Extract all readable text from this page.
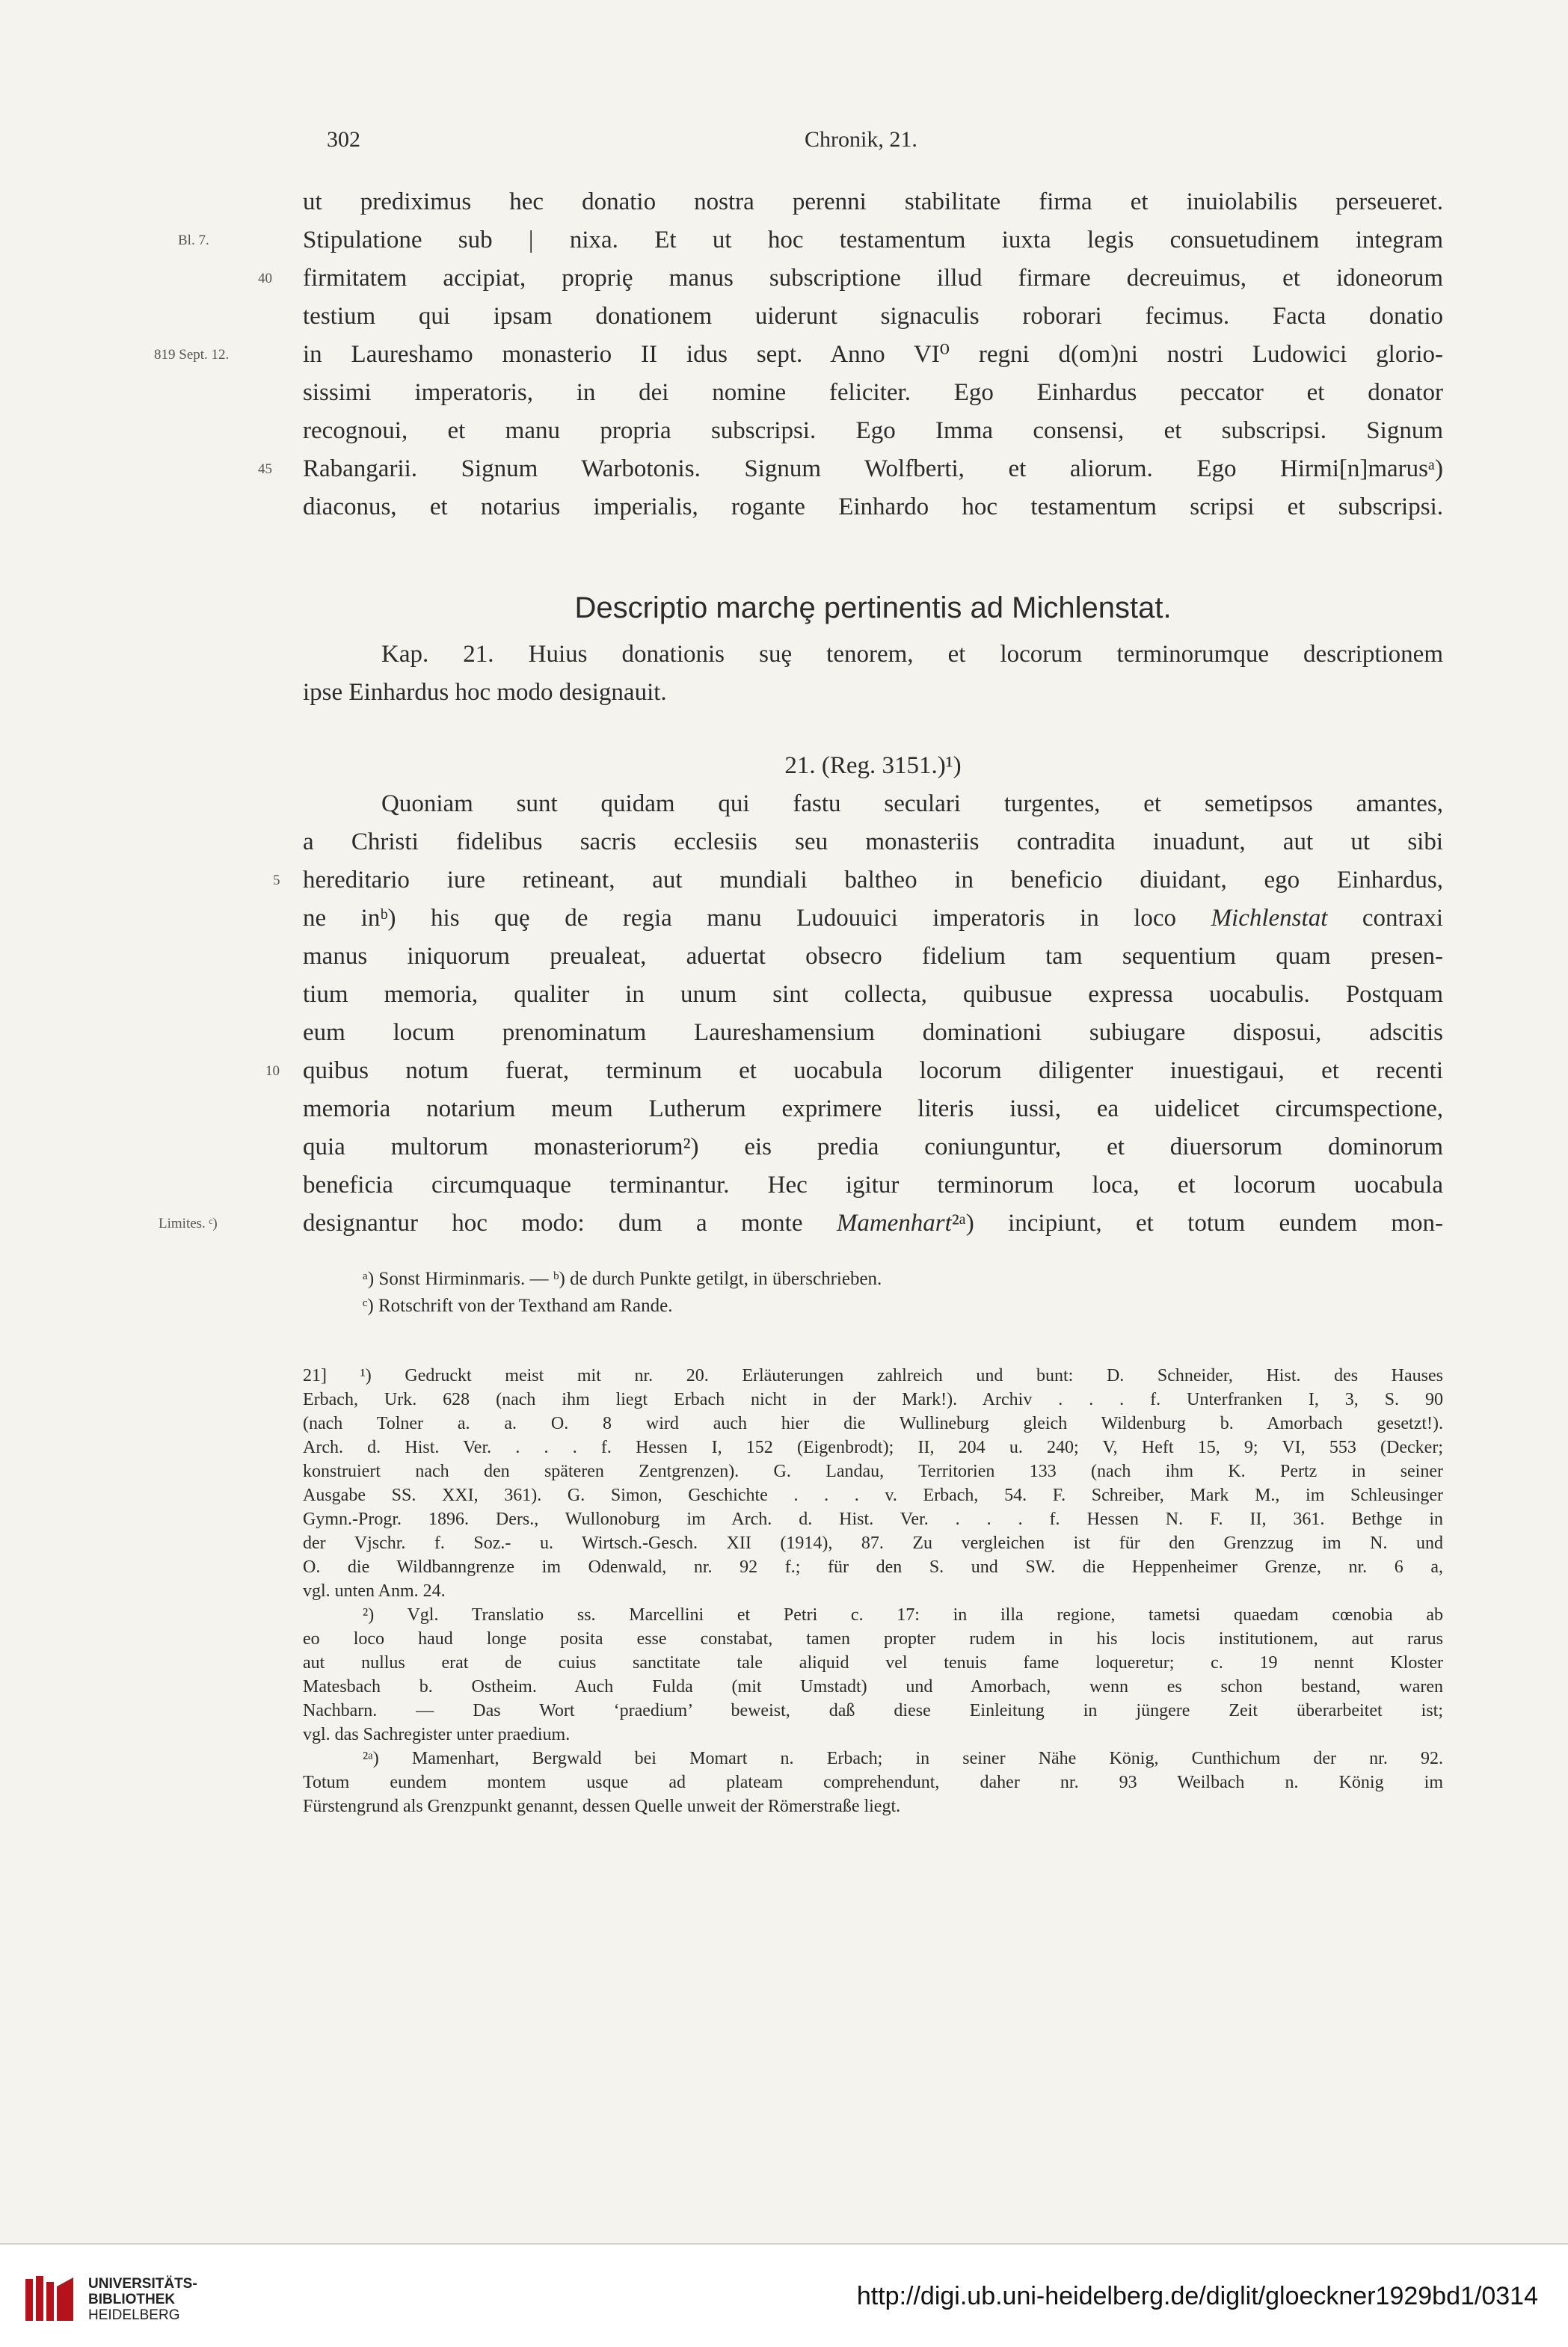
302	Chronik, 21.
Bl. 7.
40
819 Sept. 12.
45
ut prediximus hec donatio nostra perenni stabilitate firma et inuiolabilis perseueret.
Stipulatione sub | nixa. Et ut hoc testamentum iuxta legis consuetudinem integram
firmitatem accipiat, propriȩ manus subscriptione illud firmare decreuimus, et idoneorum
testium qui ipsam donationem uiderunt signaculis roborari fecimus. Facta donatio
in Laureshamo monasterio II idus sept. Anno VI⁰ regni d(om)ni nostri Ludowici glorio-
sissimi imperatoris, in dei nomine feliciter. Ego Einhardus peccator et donator
recognoui, et manu propria subscripsi. Ego Imma consensi, et subscripsi. Signum
Rabangarii. Signum Warbotonis. Signum Wolfberti, et aliorum. Ego Hirmi[n]marusᵃ)
diaconus, et notarius imperialis, rogante Einhardo hoc testamentum scripsi et subscripsi.
Descriptio marchȩ pertinentis ad Michlenstat.
Kap. 21. Huius donationis suȩ tenorem, et locorum terminorumque descriptionem
ipse Einhardus hoc modo designauit.
21. (Reg. 3151.)¹)
5
10
Limites. ᶜ)
Quoniam sunt quidam qui fastu seculari turgentes, et semetipsos amantes,
a Christi fidelibus sacris ecclesiis seu monasteriis contradita inuadunt, aut ut sibi
hereditario iure retineant, aut mundiali baltheo in beneficio diuidant, ego Einhardus,
ne inᵇ) his quȩ de regia manu Ludouuici imperatoris in loco Michlenstat contraxi
manus iniquorum preualeat, aduertat obsecro fidelium tam sequentium quam presen-
tium memoria, qualiter in unum sint collecta, quibusue expressa uocabulis. Postquam
eum locum prenominatum Laureshamensium dominationi subiugare disposui, adscitis
quibus notum fuerat, terminum et uocabula locorum diligenter inuestigaui, et recenti
memoria notarium meum Lutherum exprimere literis iussi, ea uidelicet circumspectione,
quia multorum monasteriorum²) eis predia coniunguntur, et diuersorum dominorum
beneficia circumquaque terminantur. Hec igitur terminorum loca, et locorum uocabula
designantur hoc modo: dum a monte Mamenhart²ᵃ) incipiunt, et totum eundem mon-
ᵃ) Sonst Hirminmaris. — ᵇ) de durch Punkte getilgt, in überschrieben.
ᶜ) Rotschrift von der Texthand am Rande.
21] ¹) Gedruckt meist mit nr. 20. Erläuterungen zahlreich und bunt: D. Schneider, Hist. des Hauses
Erbach, Urk. 628 (nach ihm liegt Erbach nicht in der Mark!). Archiv . . . f. Unterfranken I, 3, S. 90
(nach Tolner a. a. O. 8 wird auch hier die Wullineburg gleich Wildenburg b. Amorbach gesetzt!).
Arch. d. Hist. Ver. . . . f. Hessen I, 152 (Eigenbrodt); II, 204 u. 240; V, Heft 15, 9; VI, 553 (Decker;
konstruiert nach den späteren Zentgrenzen). G. Landau, Territorien 133 (nach ihm K. Pertz in seiner
Ausgabe SS. XXI, 361). G. Simon, Geschichte . . . v. Erbach, 54. F. Schreiber, Mark M., im Schleusinger
Gymn.-Progr. 1896. Ders., Wullonoburg im Arch. d. Hist. Ver. . . . f. Hessen N. F. II, 361. Bethge in
der Vjschr. f. Soz.- u. Wirtsch.-Gesch. XII (1914), 87. Zu vergleichen ist für den Grenzzug im N. und
O. die Wildbanngrenze im Odenwald, nr. 92 f.; für den S. und SW. die Heppenheimer Grenze, nr. 6 a,
vgl. unten Anm. 24.
²) Vgl. Translatio ss. Marcellini et Petri c. 17: in illa regione, tametsi quaedam cœnobia ab
eo loco haud longe posita esse constabat, tamen propter rudem in his locis institutionem, aut rarus
aut nullus erat de cuius sanctitate tale aliquid vel tenuis fame loqueretur; c. 19 nennt Kloster
Matesbach b. Ostheim. Auch Fulda (mit Umstadt) und Amorbach, wenn es schon bestand, waren
Nachbarn. — Das Wort ‘praedium’ beweist, daß diese Einleitung in jüngere Zeit überarbeitet ist;
vgl. das Sachregister unter praedium.
²ᵃ) Mamenhart, Bergwald bei Momart n. Erbach; in seiner Nähe König, Cunthichum der nr. 92.
Totum eundem montem usque ad plateam comprehendunt, daher nr. 93 Weilbach n. König im
Fürstengrund als Grenzpunkt genannt, dessen Quelle unweit der Römerstraße liegt.
UNIVERSITÄTS-
BIBLIOTHEK
HEIDELBERG
http://digi.ub.uni-heidelberg.de/diglit/gloeckner1929bd1/0314
